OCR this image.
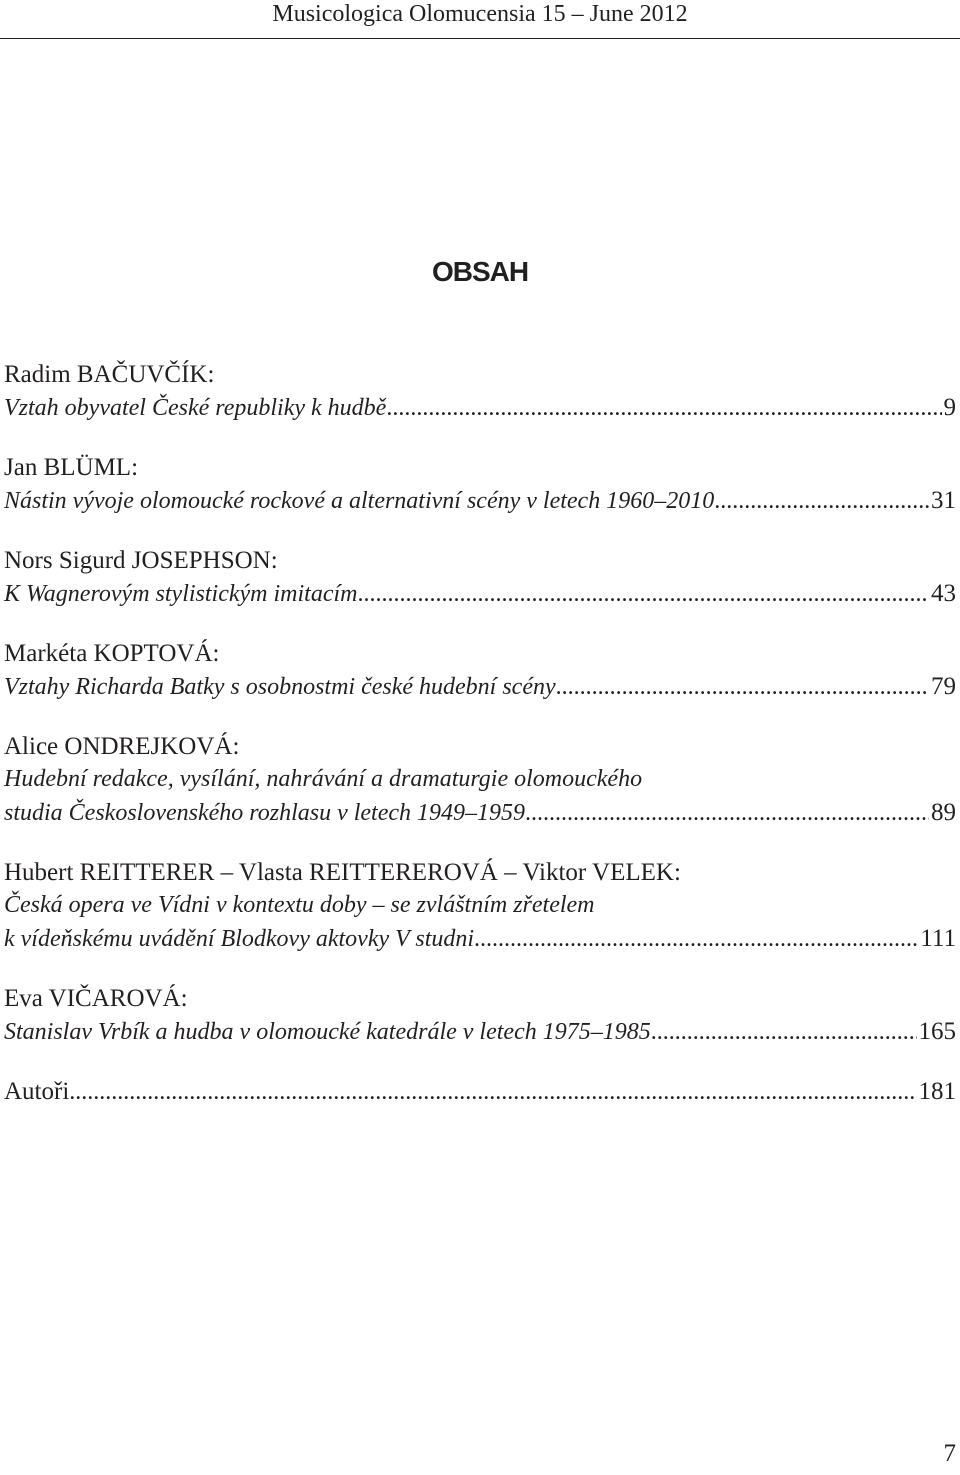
Musicologica Olomucensia 15 – June 2012
OBSAH
Radim BAČUVČÍK:
Vztah obyvatel České republiky k hudbě . . .	9
Jan BLÜML:
Nástin vývoje olomoucké rockové a alternativní scény v letech 1960–2010 . . .	31
Nors Sigurd JOSEPHSON:
K Wagnerovým stylistickým imitacím . . .	43
Markéta KOPTOVÁ:
Vztahy Richarda Batky s osobnostmi české hudební scény . . .	79
Alice ONDREJKOVÁ:
Hudební redakce, vysílání, nahrávání a dramaturgie olomouckého
studia Československého rozhlasu v letech 1949–1959 . . .	89
Hubert REITTERER – Vlasta REITTEREROVÁ – Viktor VELEK:
Česká opera ve Vídni v kontextu doby – se zvláštním zřetelem
k vídeňskému uvádění Blodkovy aktovky V studni . . .	111
Eva VIČAROVÁ:
Stanislav Vrbík a hudba v olomoucké katedrále v letech 1975–1985 . . .	165
Autoři . . .	181
7
